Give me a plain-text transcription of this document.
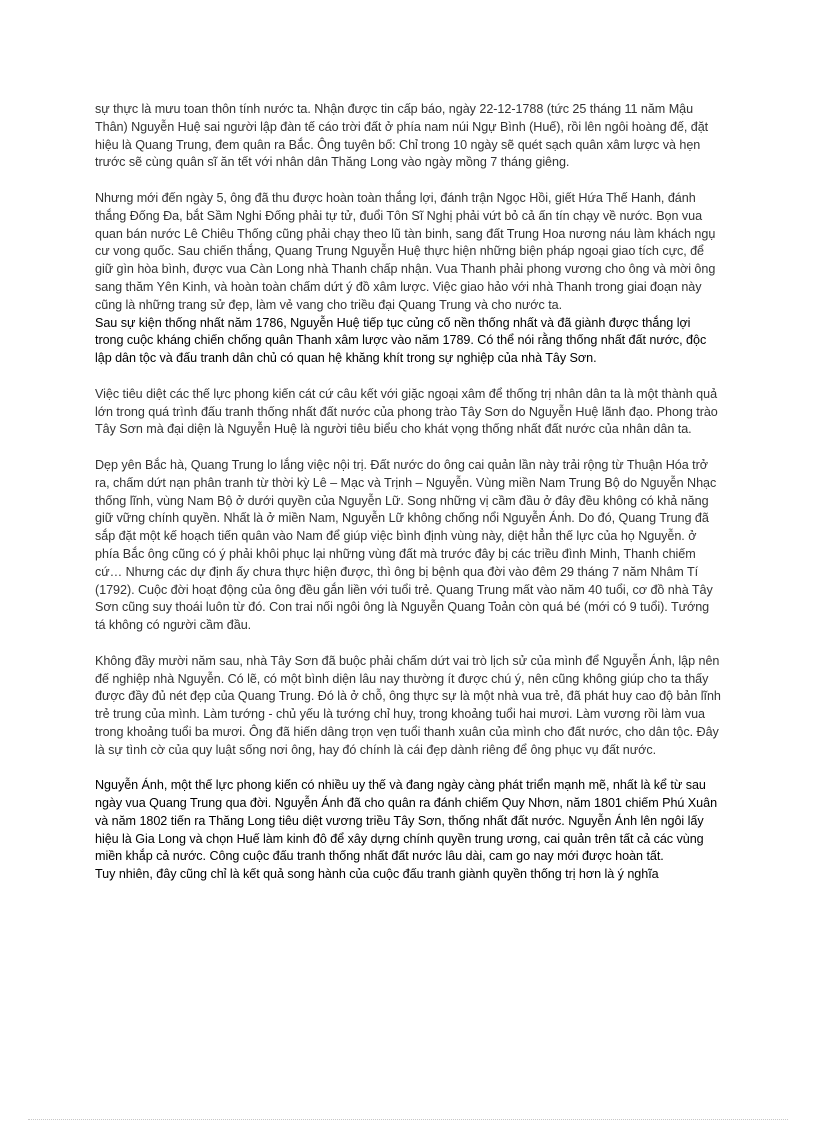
sự thực là mưu toan thôn tính nước ta. Nhận được tin cấp báo, ngày 22-12-1788 (tức 25 tháng 11 năm Mậu Thân) Nguyễn Huệ sai người lập đàn tế cáo trời đất ở phía nam núi Ngự Bình (Huế), rồi lên ngôi hoàng đế, đặt hiệu là Quang Trung, đem quân ra Bắc. Ông tuyên bố: Chỉ trong 10 ngày sẽ quét sạch quân xâm lược và hẹn trước sẽ cùng quân sĩ ăn tết với nhân dân Thăng Long vào ngày mồng 7 tháng giêng.

Nhưng mới đến ngày 5, ông đã thu được hoàn toàn thắng lợi, đánh trận Ngọc Hồi, giết Hứa Thế Hanh, đánh thắng Đống Đa, bắt Sầm Nghi Đống phải tự tử, đuổi Tôn Sĩ Nghị phải vứt bỏ cả ấn tín chạy về nước. Bọn vua quan bán nước Lê Chiêu Thống cũng phải chạy theo lũ tàn binh, sang đất Trung Hoa nương náu làm khách ngụ cư vong quốc. Sau chiến thắng, Quang Trung Nguyễn Huệ thực hiện những biện pháp ngoại giao tích cực, để giữ gìn hòa bình, được vua Càn Long nhà Thanh chấp nhận. Vua Thanh phải phong vương cho ông và mời ông sang thăm Yên Kinh, và hoàn toàn chấm dứt ý đồ xâm lược. Việc giao hảo với nhà Thanh trong giai đoạn này cũng là những trang sử đẹp, làm vẻ vang cho triều đại Quang Trung và cho nước ta.

Sau sự kiện thống nhất năm 1786, Nguyễn Huệ tiếp tục củng cố nền thống nhất và đã giành được thắng lợi trong cuộc kháng chiến chống quân Thanh xâm lược vào năm 1789. Có thể nói rằng thống nhất đất nước, độc lập dân tộc và đấu tranh dân chủ có quan hệ khăng khít trong sự nghiệp của nhà Tây Sơn.

Việc tiêu diệt các thế lực phong kiến cát cứ câu kết với giặc ngoại xâm để thống trị nhân dân ta là một thành quả lớn trong quá trình đấu tranh thống nhất đất nước của phong trào Tây Sơn do Nguyễn Huệ lãnh đạo. Phong trào Tây Sơn mà đại diện là Nguyễn Huệ là người tiêu biểu cho khát vọng thống nhất đất nước của nhân dân ta.

Dẹp yên Bắc hà, Quang Trung lo lắng việc nội trị. Đất nước do ông cai quản lần này trải rộng từ Thuận Hóa trở ra, chấm dứt nạn phân tranh từ thời kỳ Lê – Mạc và Trịnh – Nguyễn. Vùng miền Nam Trung Bộ do Nguyễn Nhạc thống lĩnh, vùng Nam Bộ ở dưới quyền của Nguyễn Lữ. Song những vị cầm đầu ở đây đều không có khả năng giữ vững chính quyền. Nhất là ở miền Nam, Nguyễn Lữ không chống nổi Nguyễn Ánh. Do đó, Quang Trung đã sắp đặt một kế hoạch tiến quân vào Nam để giúp việc bình định vùng này, diệt hẳn thế lực của họ Nguyễn. ở phía Bắc ông cũng có ý phải khôi phục lại những vùng đất mà trước đây bị các triều đình Minh, Thanh chiếm cứ… Nhưng các dự định ấy chưa thực hiện được, thì ông bị bệnh qua đời vào đêm 29 tháng 7 năm Nhâm Tí (1792). Cuộc đời hoạt động của ông đều gắn liền với tuổi trẻ. Quang Trung mất vào năm 40 tuổi, cơ đồ nhà Tây Sơn cũng suy thoái luôn từ đó. Con trai nối ngôi ông là Nguyễn Quang Toản còn quá bé (mới có 9 tuổi). Tướng tá không có người cầm đầu.

Không đầy mười năm sau, nhà Tây Sơn đã buộc phải chấm dứt vai trò lịch sử của mình để Nguyễn Ánh, lập nên đế nghiệp nhà Nguyễn. Có lẽ, có một bình diện lâu nay thường ít được chú ý, nên cũng không giúp cho ta thấy được đầy đủ nét đẹp của Quang Trung. Đó là ở chỗ, ông thực sự là một nhà vua trẻ, đã phát huy cao độ bản lĩnh trẻ trung của mình. Làm tướng - chủ yếu là tướng chỉ huy, trong khoảng tuổi hai mươi. Làm vương rồi làm vua trong khoảng tuổi ba mươi. Ông đã hiến dâng trọn vẹn tuổi thanh xuân của mình cho đất nước, cho dân tộc. Đây là sự tình cờ của quy luật sống nơi ông, hay đó chính là cái đẹp dành riêng để ông phục vụ đất nước.

Nguyễn Ánh, một thế lực phong kiến có nhiều uy thế và đang ngày càng phát triển mạnh mẽ, nhất là kể từ sau ngày vua Quang Trung qua đời. Nguyễn Ánh đã cho quân ra đánh chiếm Quy Nhơn, năm 1801 chiếm Phú Xuân và năm 1802 tiến ra Thăng Long tiêu diệt vương triều Tây Sơn, thống nhất đất nước. Nguyễn Ánh lên ngôi lấy hiệu là Gia Long và chọn Huế làm kinh đô để xây dựng chính quyền trung ương, cai quản trên tất cả các vùng miền khắp cả nước. Công cuộc đấu tranh thống nhất đất nước lâu dài, cam go nay mới được hoàn tất.

Tuy nhiên, đây cũng chỉ là kết quả song hành của cuộc đấu tranh giành quyền thống trị hơn là ý nghĩa
